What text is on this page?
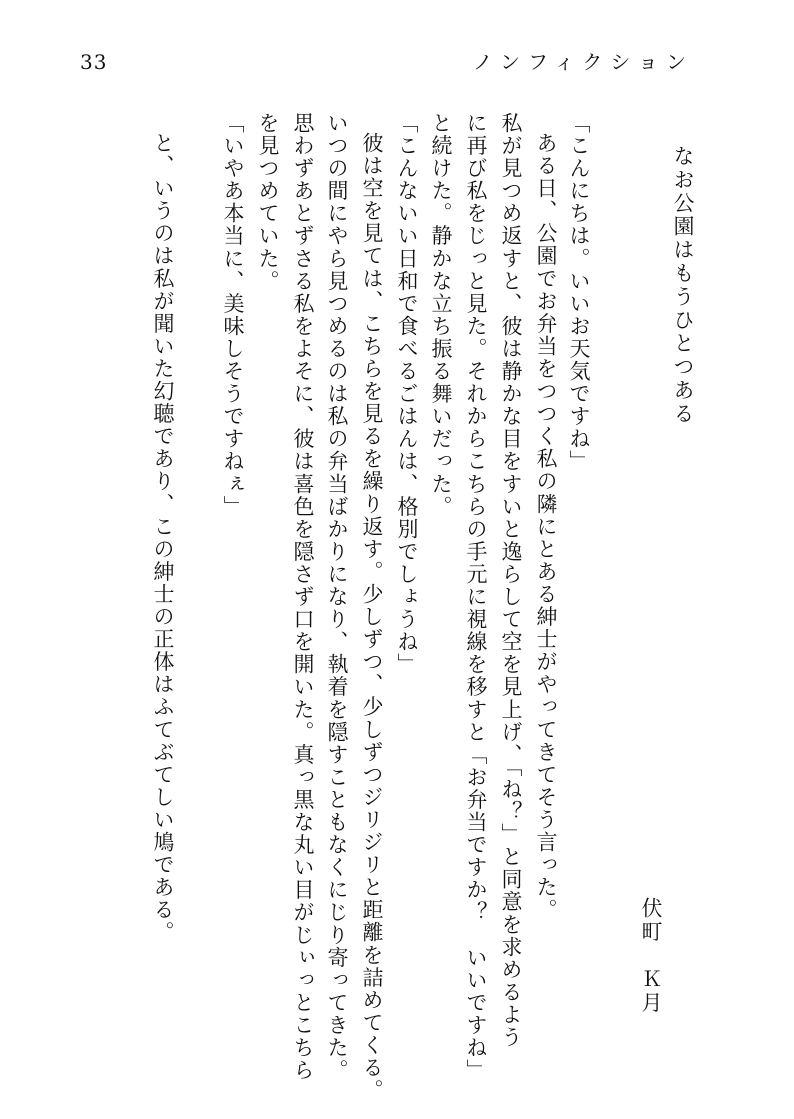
33	ノンフィクション
なお公園はもうひとつある
伏町　Ｋ月
「こんにちは。いいお天気ですね」
ある日、公園でお弁当をつつく私の隣にとある紳士がやってきてそう言った。
私が見つめ返すと、彼は静かな目をすいと逸らして空を見上げ、「ね？」と同意を求めるよう
に再び私をじっと見た。それからこちらの手元に視線を移すと「お弁当ですか？　いいですね」
と続けた。静かな立ち振る舞いだった。
「こんないい日和で食べるごはんは、格別でしょうね」
彼は空を見ては、こちらを見るを繰り返す。少しずつ、少しずつジリジリと距離を詰めてくる。
いつの間にやら見つめるのは私の弁当ばかりになり、執着を隠すこともなくにじり寄ってきた。
思わずあとずさる私をよそに、彼は喜色を隠さず口を開いた。真っ黒な丸い目がじぃっとこちら
を見つめていた。
「いやあ本当に、美味しそうですねぇ」
と、いうのは私が聞いた幻聴であり、この紳士の正体はふてぶてしい鳩である。
